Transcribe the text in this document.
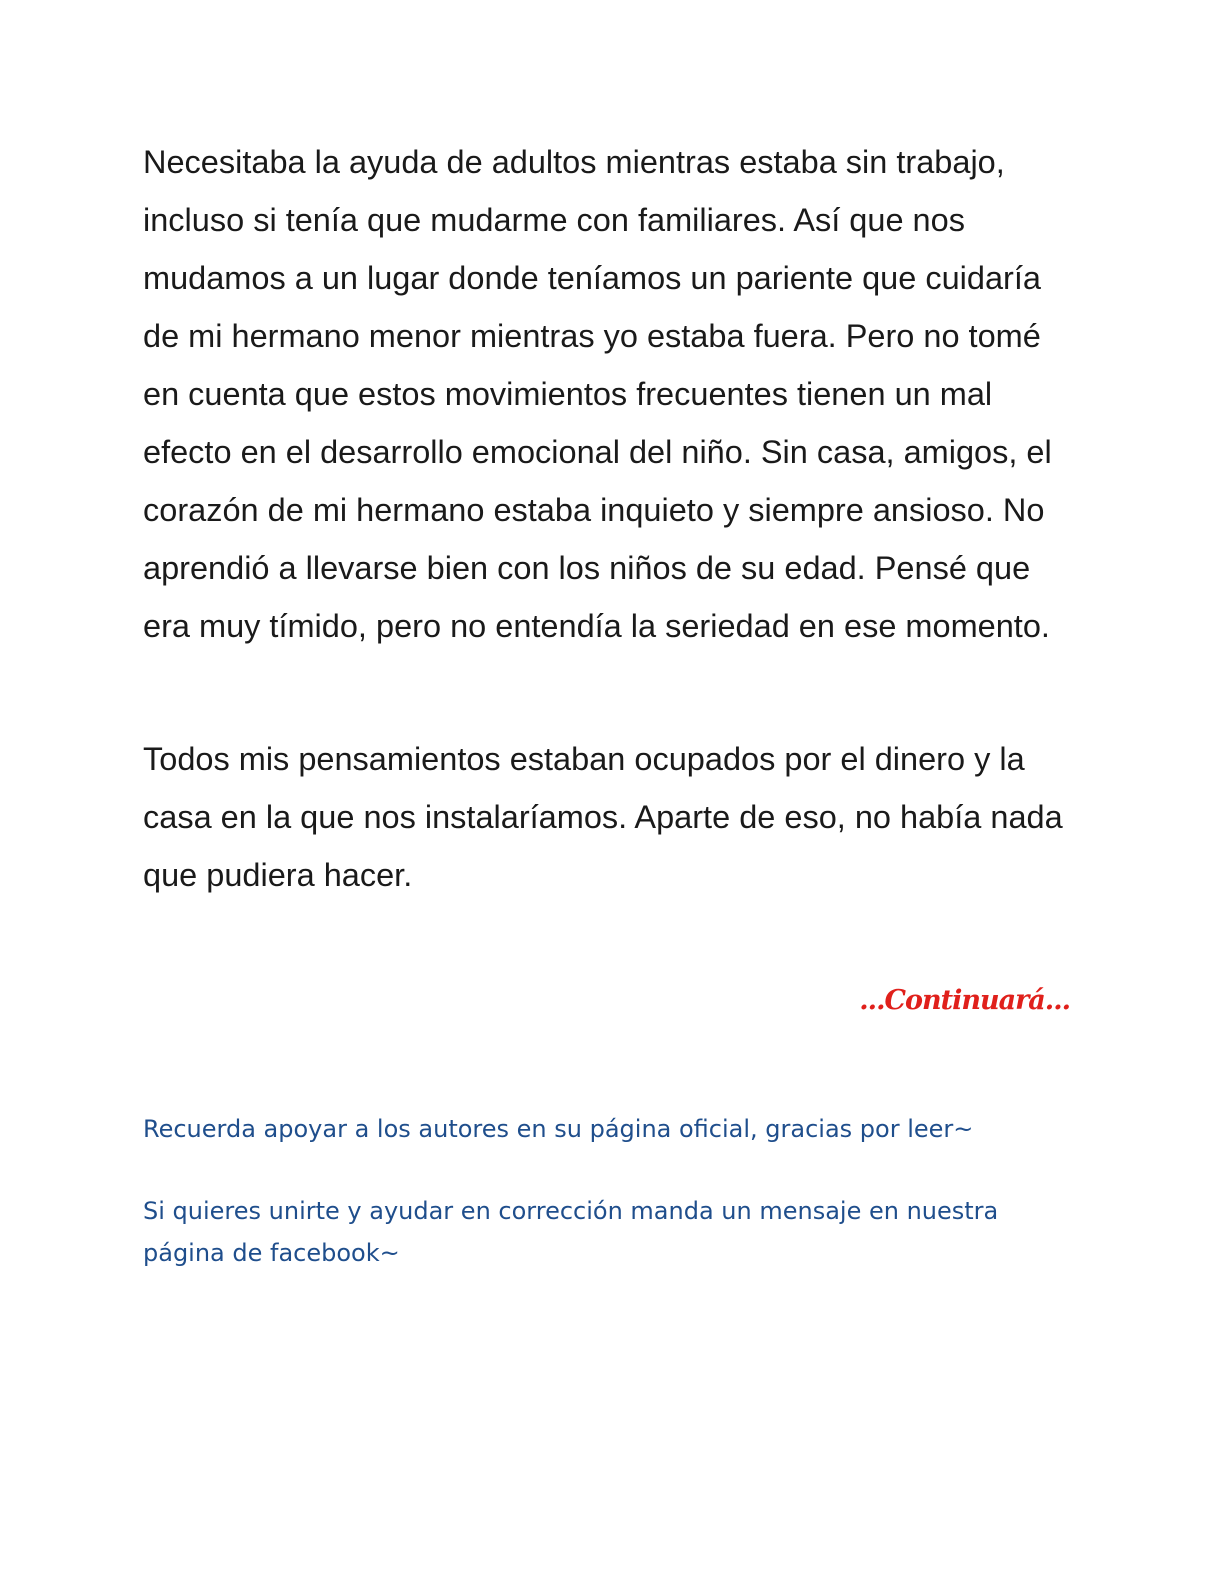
Necesitaba la ayuda de adultos mientras estaba sin trabajo, incluso si tenía que mudarme con familiares. Así que nos mudamos a un lugar donde teníamos un pariente que cuidaría de mi hermano menor mientras yo estaba fuera. Pero no tomé en cuenta que estos movimientos frecuentes tienen un mal efecto en el desarrollo emocional del niño. Sin casa, amigos, el corazón de mi hermano estaba inquieto y siempre ansioso. No aprendió a llevarse bien con los niños de su edad. Pensé que era muy tímido, pero no entendía la seriedad en ese momento.

Todos mis pensamientos estaban ocupados por el dinero y la casa en la que nos instalaríamos. Aparte de eso, no había nada que pudiera hacer.

...Continuará...

Recuerda apoyar a los autores en su página oficial, gracias por leer~

Si quieres unirte y ayudar en corrección manda un mensaje en nuestra página de facebook~
